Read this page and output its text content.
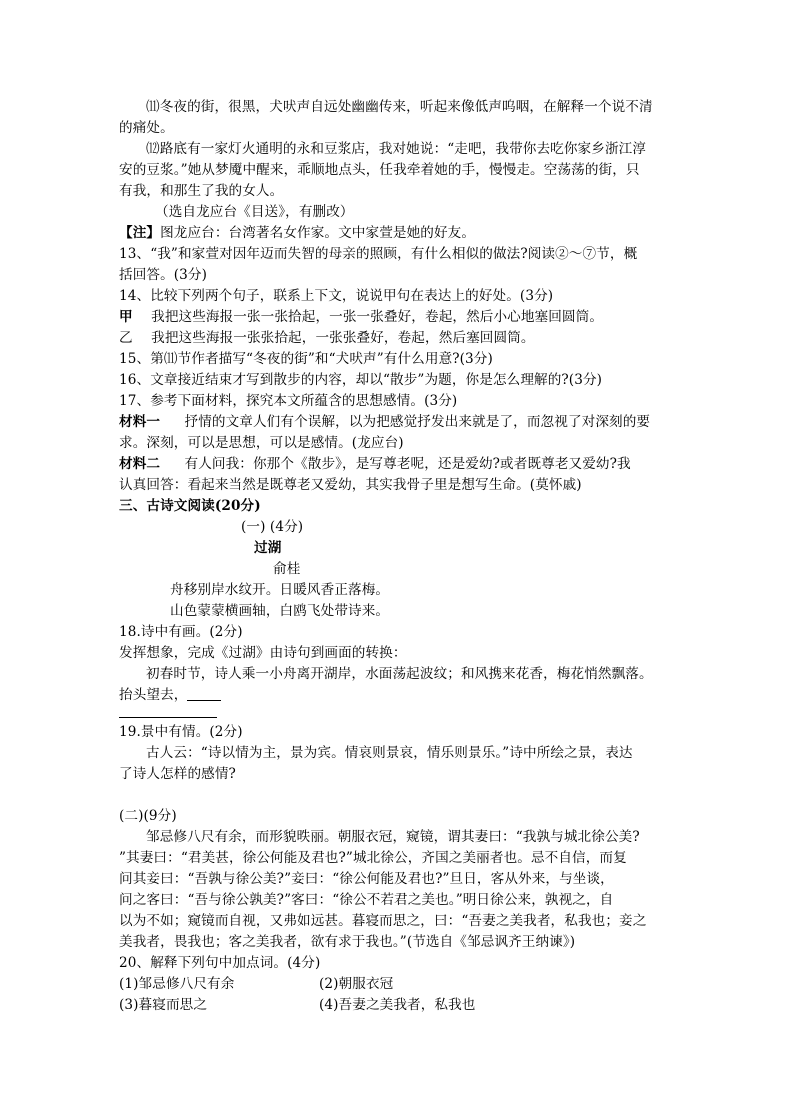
⑾冬夜的街，很黑，犬吠声自远处幽幽传来，听起来像低声呜咽，在解释一个说不清
的痛处。
⑿路底有一家灯火通明的永和豆浆店，我对她说：“走吧，我带你去吃你家乡浙江淳
安的豆浆。”她从梦魇中醒来，乖顺地点头，任我牵着她的手，慢慢走。空荡荡的街，只
有我，和那生了我的女人。
（选自龙应台《目送》，有删改）
【注】图龙应台：台湾著名女作家。文中家萱是她的好友。
13、“我”和家萱对因年迈而失智的母亲的照顾，有什么相似的做法?阅读②～⑦节，概
括回答。(3分)
14、比较下列两个句子，联系上下文，说说甲句在表达上的好处。(3分)
甲 我把这些海报一张一张拾起，一张一张叠好，卷起，然后小心地塞回圆筒。
乙 我把这些海报一张张拾起，一张张叠好，卷起，然后塞回圆筒。
15、第⑾节作者描写“冬夜的街”和“犬吠声”有什么用意?(3分)
16、文章接近结束才写到散步的内容，却以“散步”为题，你是怎么理解的?(3分)
17、参考下面材料，探究本文所蕴含的思想感情。(3分)
材料一 抒情的文章人们有个误解，以为把感觉抒发出来就是了，而忽视了对深刻的要
求。深刻，可以是思想，可以是感情。(龙应台)
材料二 有人问我：你那个《散步》，是写尊老呢，还是爱幼?或者既尊老又爱幼?我
认真回答：看起来当然是既尊老又爱幼，其实我骨子里是想写生命。(莫怀戚)
三、古诗文阅读(20分)
(一) (4分)
过湖
俞桂
舟移别岸水纹开。日暖风香正落梅。
山色蒙蒙横画轴，白鸥飞处带诗来。
18.诗中有画。(2分)
发挥想象，完成《过湖》由诗句到画面的转换：
初春时节，诗人乘一小舟离开湖岸，水面荡起波纹；和风携来花香，梅花悄然飘落。
抬头望去，
19.景中有情。(2分)
古人云：“诗以情为主，景为宾。情哀则景哀，情乐则景乐。”诗中所绘之景，表达
了诗人怎样的感情?
(二)(9分)
邹忌修八尺有余，而形貌昳丽。朝服衣冠，窥镜，谓其妻曰：“我孰与城北徐公美?
”其妻曰：“君美甚，徐公何能及君也?”城北徐公，齐国之美丽者也。忌不自信，而复
问其妾曰：“吾孰与徐公美?”妾曰：“徐公何能及君也?”旦日，客从外来，与坐谈，
问之客曰：“吾与徐公孰美?”客曰：“徐公不若君之美也。”明日徐公来，孰视之，自
以为不如；窥镜而自视，又弗如远甚。暮寝而思之，曰：“吾妻之美我者，私我也；妾之
美我者，畏我也；客之美我者，欲有求于我也。”(节选自《邹忌讽齐王纳谏》)
20、解释下列句中加点词。(4分)
(1)邹忌修八尺有余	(2)朝服衣冠
(3)暮寝而思之	(4)吾妻之美我者，私我也
